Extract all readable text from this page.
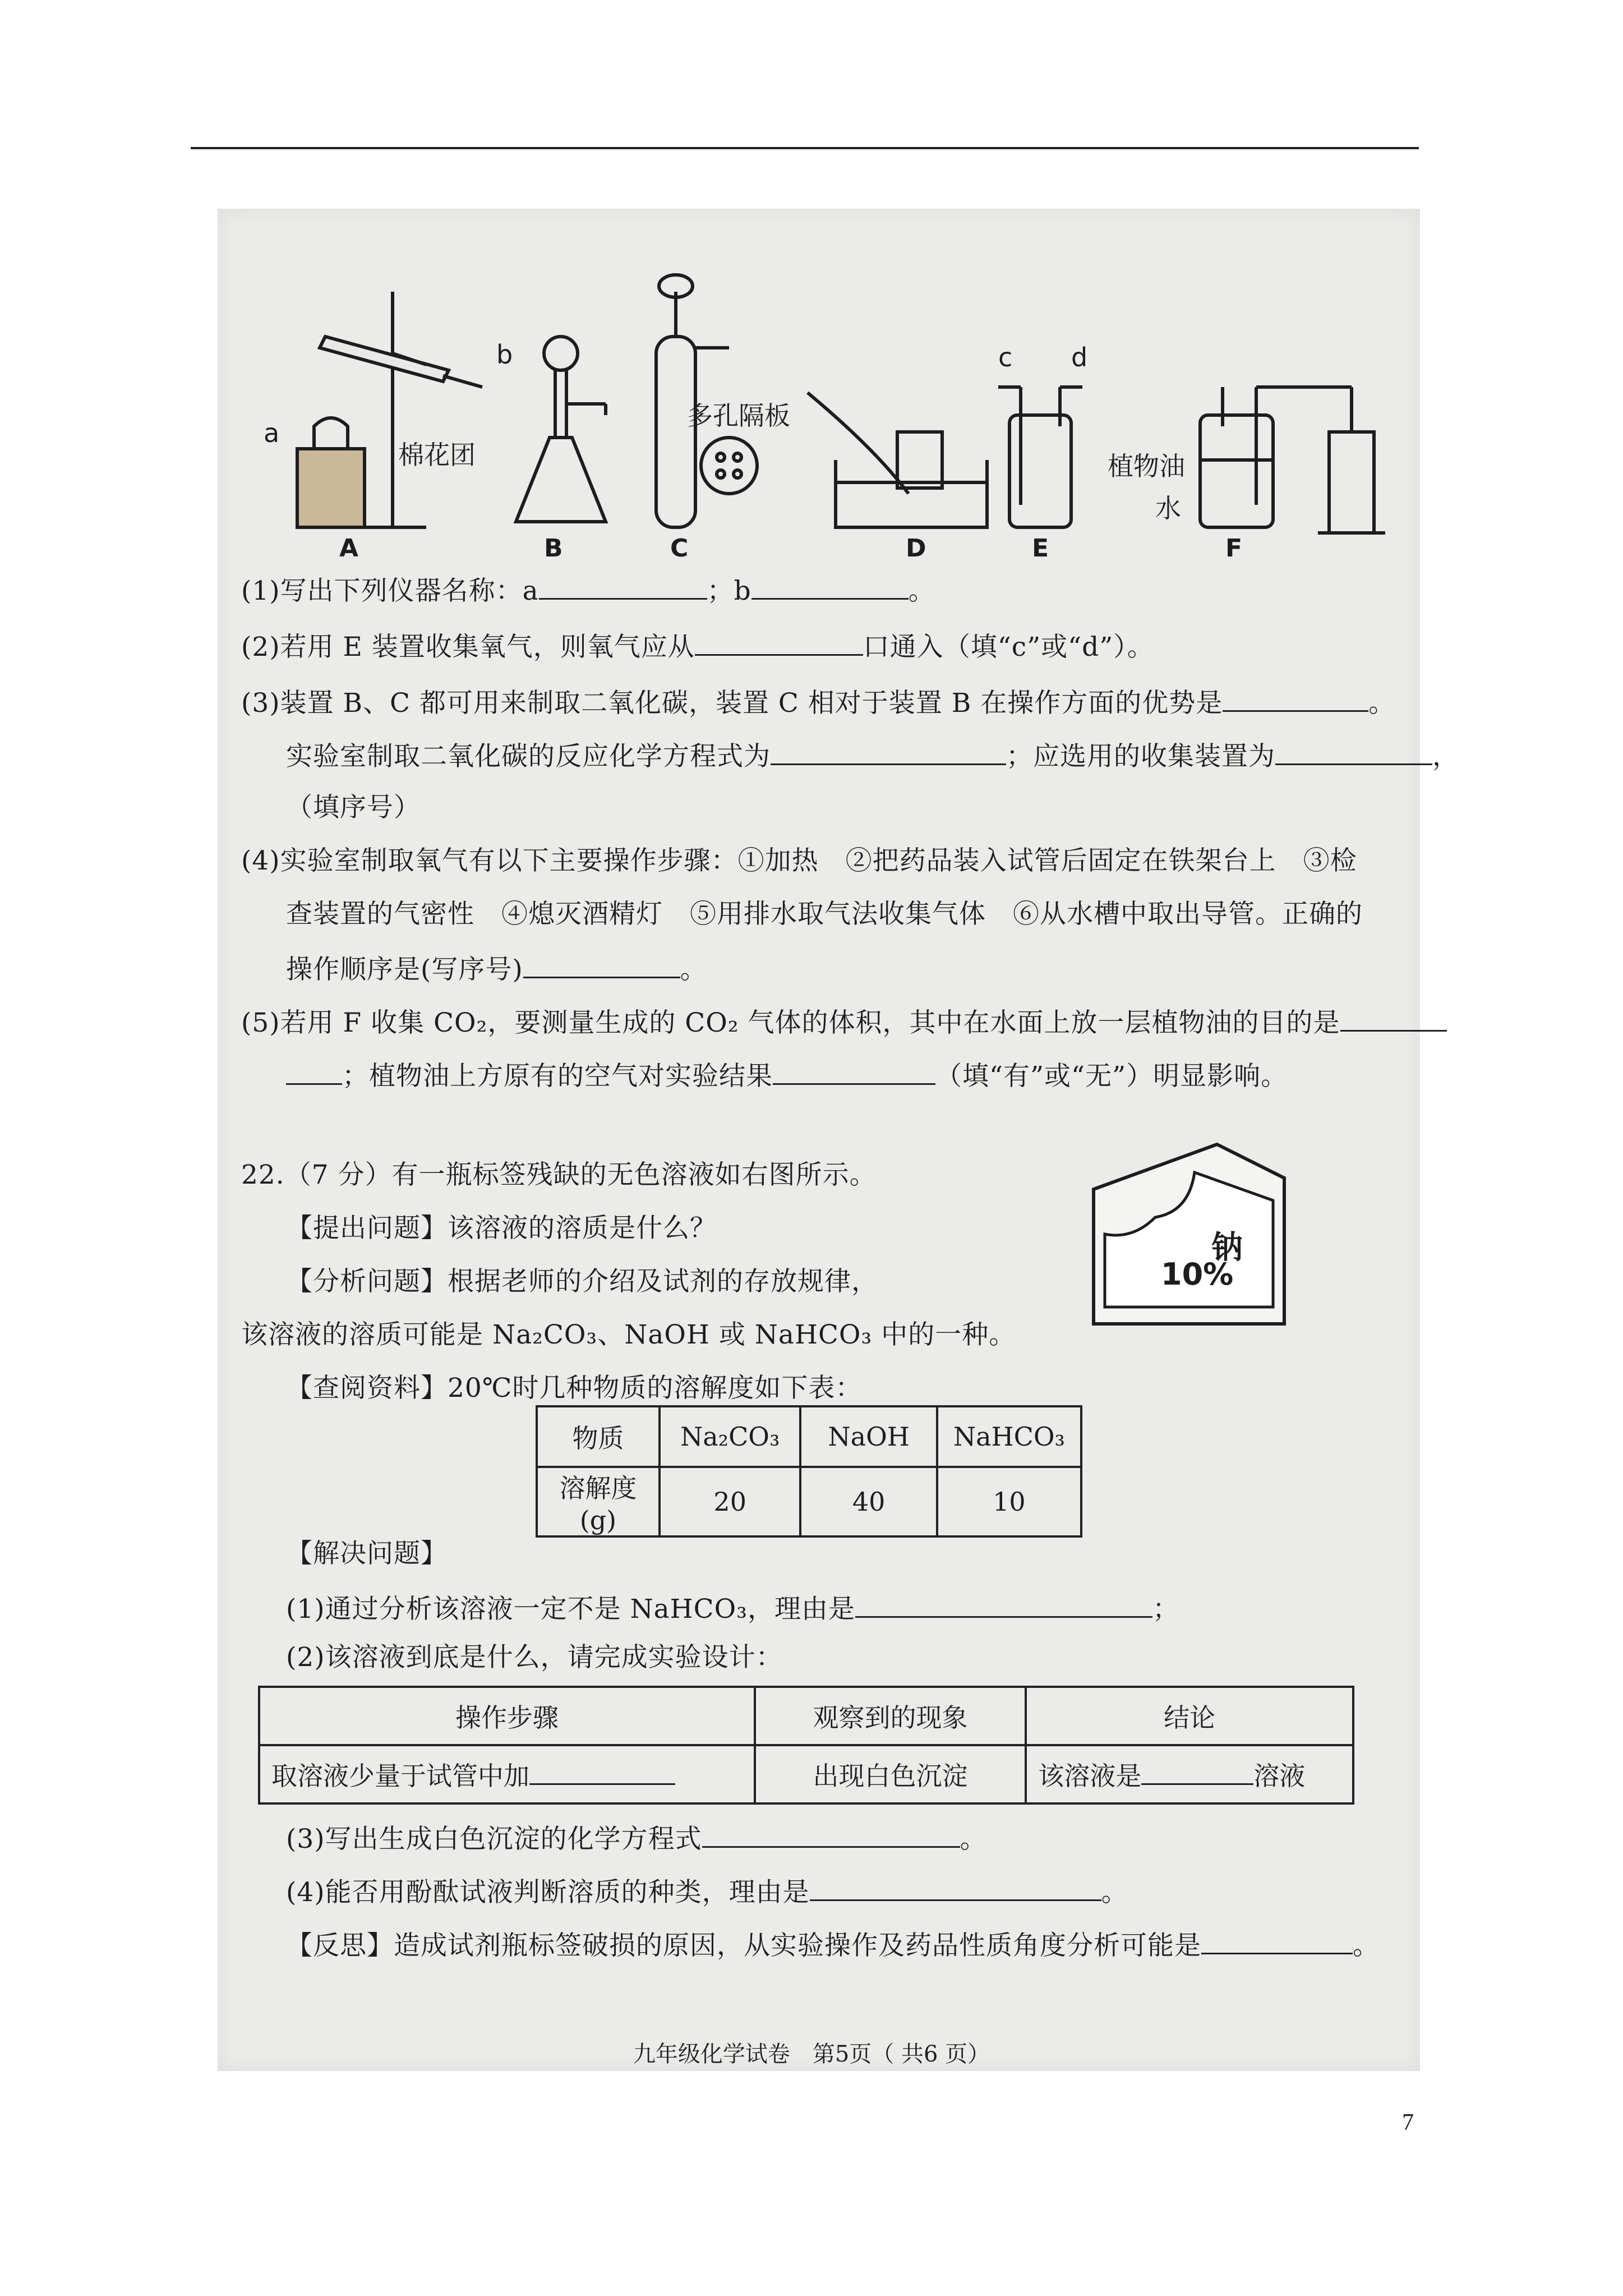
a
b	c d
棉花团
多孔隔板
植物油
水
A	B	C	D	E	F
(1)写出下列仪器名称：a	；b	。
(2)若用 E 装置收集氧气，则氧气应从	口通入（填“c”或“d”）。
(3)装置 B、C 都可用来制取二氧化碳，装置 C 相对于装置 B 在操作方面的优势是	。
实验室制取二氧化碳的反应化学方程式为	；应选用的收集装置为	，
（填序号）
(4)实验室制取氧气有以下主要操作步骤：①加热　②把药品装入试管后固定在铁架台上　③检
查装置的气密性　④熄灭酒精灯　⑤用排水取气法收集气体　⑥从水槽中取出导管。正确的
操作顺序是(写序号)	。
(5)若用 F 收集 CO₂，要测量生成的 CO₂ 气体的体积，其中在水面上放一层植物油的目的是
；植物油上方原有的空气对实验结果	（填“有”或“无”）明显影响。
22.（7 分）有一瓶标签残缺的无色溶液如右图所示。
【提出问题】该溶液的溶质是什么？
【分析问题】根据老师的介绍及试剂的存放规律，
该溶液的溶质可能是 Na₂CO₃、NaOH 或 NaHCO₃ 中的一种。
【查阅资料】20℃时几种物质的溶解度如下表：
钠
10%
物质	Na₂CO₃	NaOH	NaHCO₃
溶解度(g)	20	40	10
【解决问题】
(1)通过分析该溶液一定不是 NaHCO₃，理由是	；
(2)该溶液到底是什么，请完成实验设计：
操作步骤	观察到的现象	结论
取溶液少量于试管中加	出现白色沉淀	该溶液是 溶液
(3)写出生成白色沉淀的化学方程式	。
(4)能否用酚酞试液判断溶质的种类，理由是	。
【反思】造成试剂瓶标签破损的原因，从实验操作及药品性质角度分析可能是	。
九年级化学试卷　第5页（ 共6 页）
7
